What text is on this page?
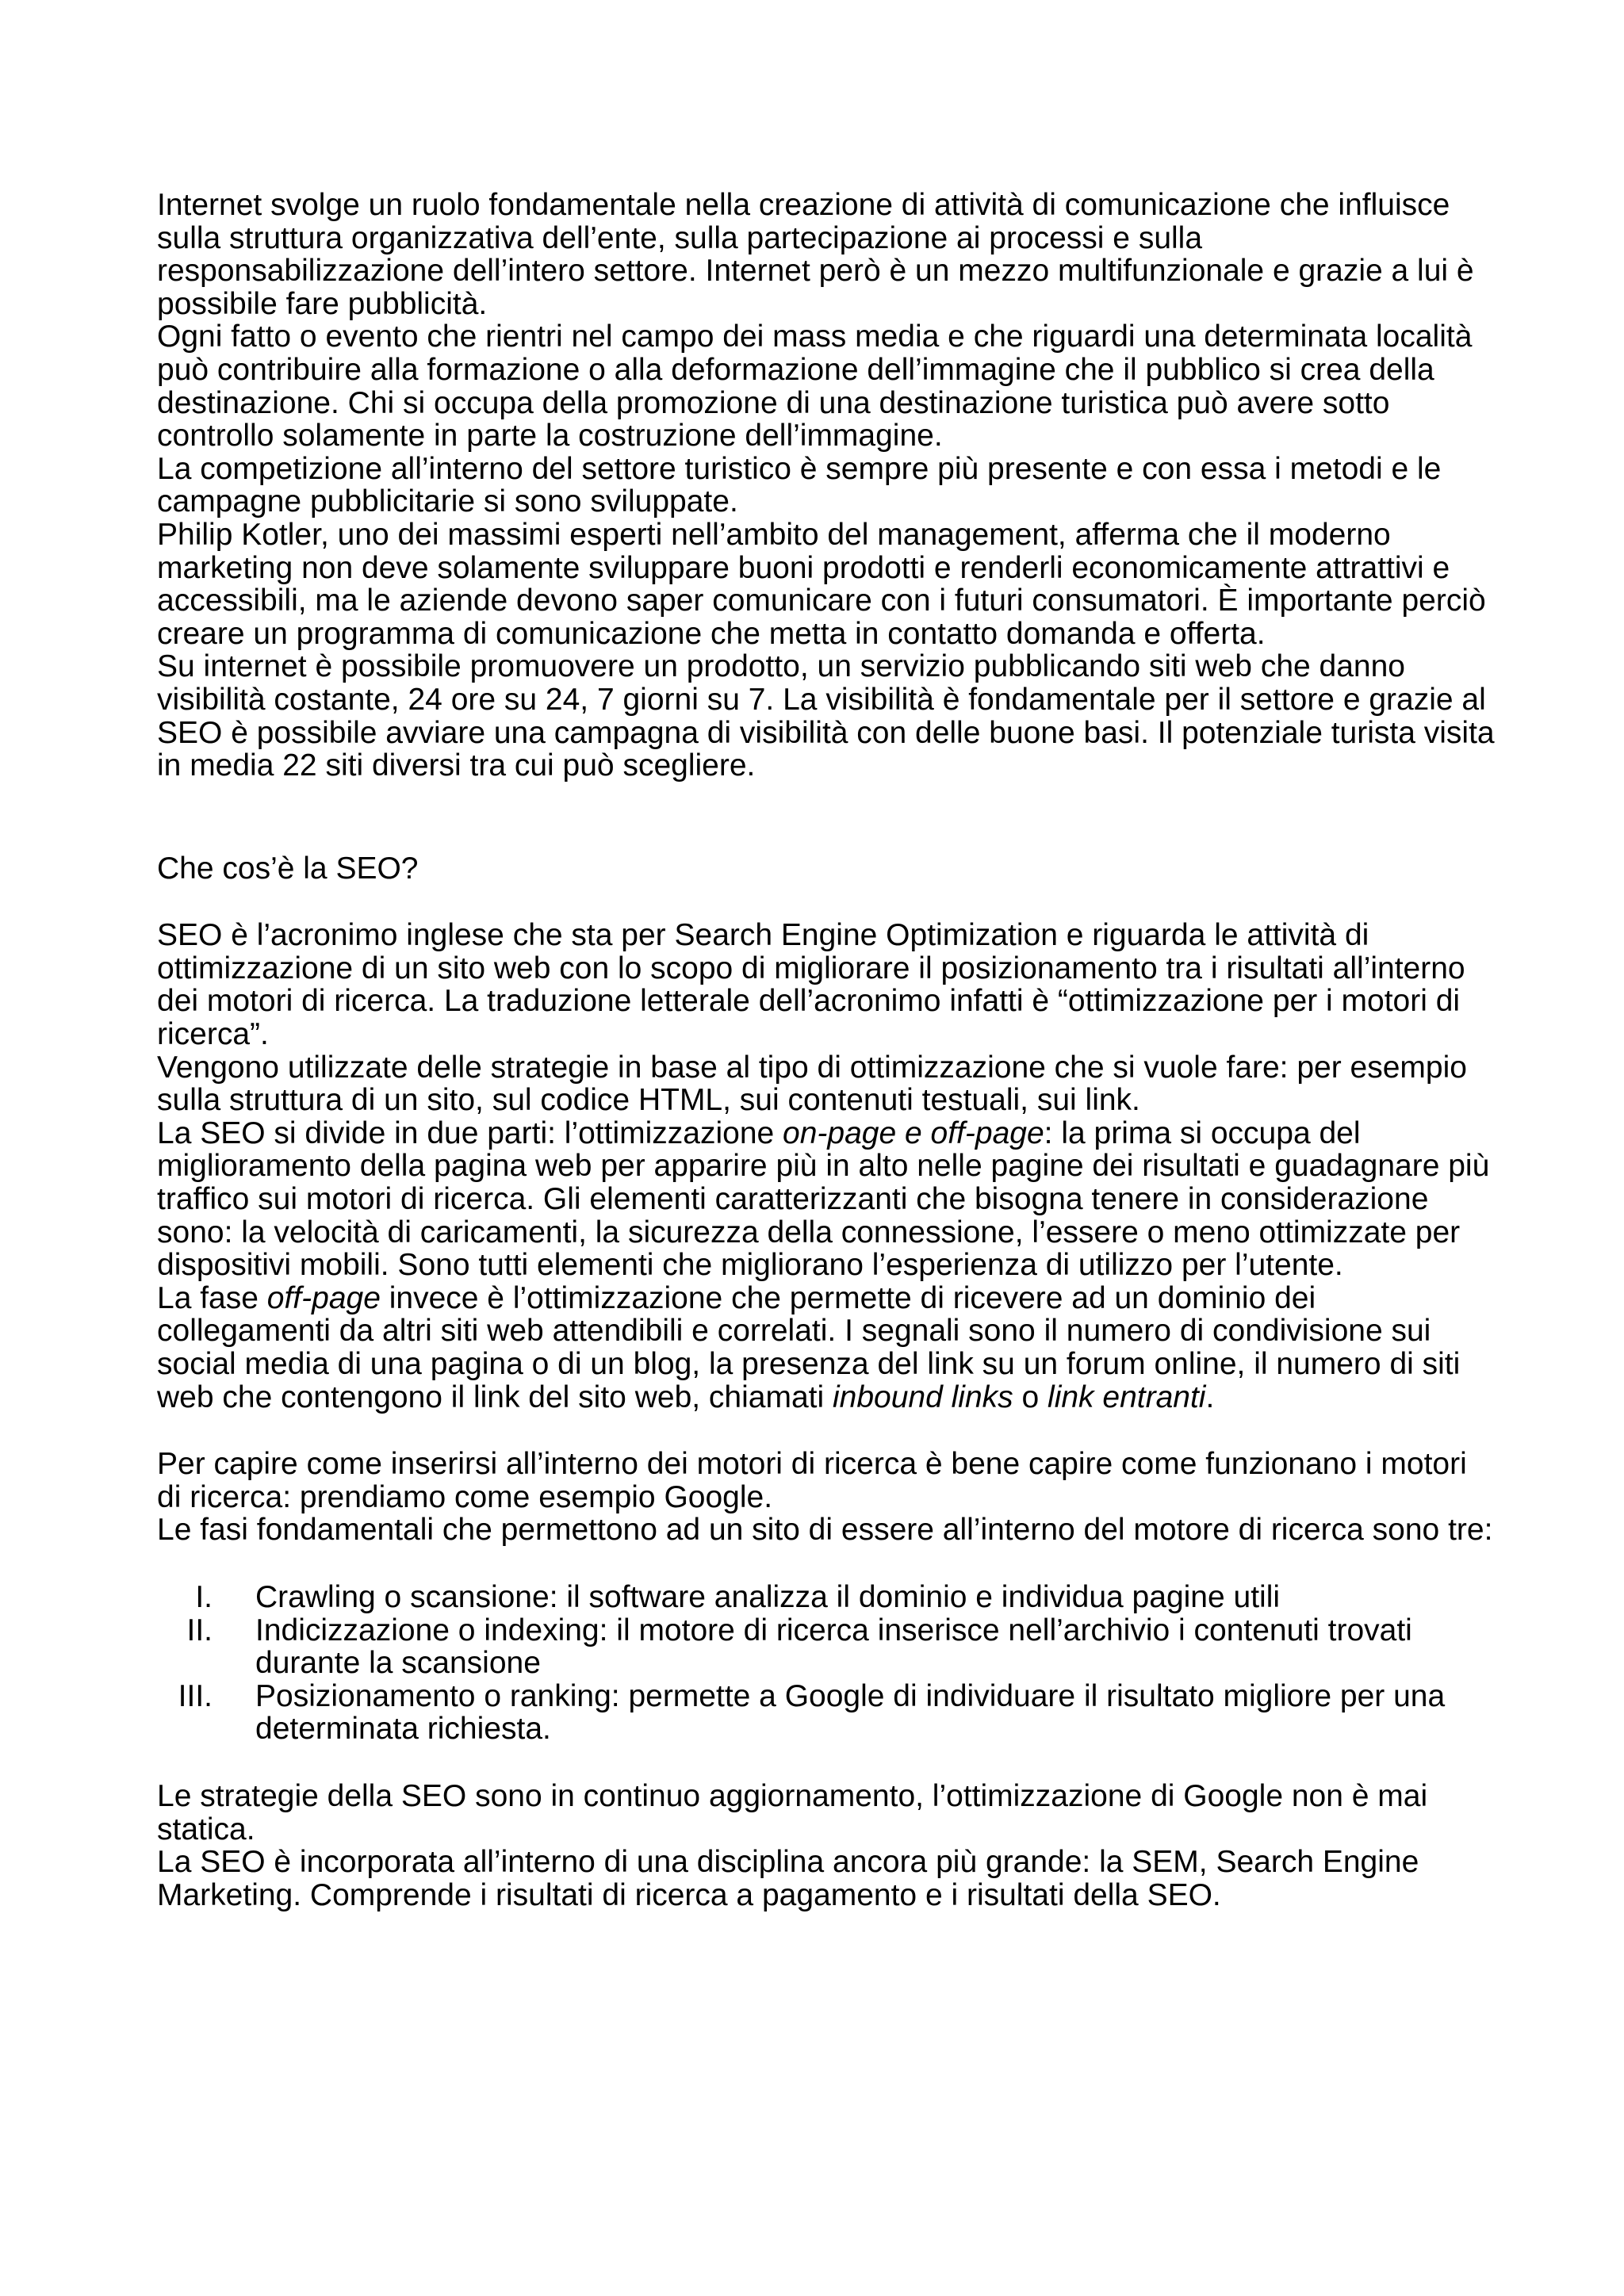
Internet svolge un ruolo fondamentale nella creazione di attività di comunicazione che influisce sulla struttura organizzativa dell’ente, sulla partecipazione ai processi e sulla responsabilizzazione dell’intero settore. Internet però è un mezzo multifunzionale e grazie a lui è possibile fare pubblicità.

Ogni fatto o evento che rientri nel campo dei mass media e che riguardi una determinata località può contribuire alla formazione o alla deformazione dell’immagine che il pubblico si crea della destinazione. Chi si occupa della promozione di una destinazione turistica può avere sotto controllo solamente in parte la costruzione dell’immagine.

La competizione all’interno del settore turistico è sempre più presente e con essa i metodi e le campagne pubblicitarie si sono sviluppate.

Philip Kotler, uno dei massimi esperti nell’ambito del management, afferma che il moderno marketing non deve solamente sviluppare buoni prodotti e renderli economicamente attrattivi e accessibili, ma le aziende devono saper comunicare con i futuri consumatori. È importante perciò creare un programma di comunicazione che metta in contatto domanda e offerta.

Su internet è possibile promuovere un prodotto, un servizio pubblicando siti web che danno visibilità costante, 24 ore su 24, 7 giorni su 7. La visibilità è fondamentale per il settore e grazie al SEO è possibile avviare una campagna di visibilità con delle buone basi. Il potenziale turista visita in media 22 siti diversi tra cui può scegliere.

Che cos’è la SEO?

SEO è l’acronimo inglese che sta per Search Engine Optimization e riguarda le attività di ottimizzazione di un sito web con lo scopo di migliorare il posizionamento tra i risultati all’interno dei motori di ricerca. La traduzione letterale dell’acronimo infatti è “ottimizzazione per i motori di ricerca”.

Vengono utilizzate delle strategie in base al tipo di ottimizzazione che si vuole fare: per esempio sulla struttura di un sito, sul codice HTML, sui contenuti testuali, sui link.

La SEO si divide in due parti: l’ottimizzazione on-page e off-page: la prima si occupa del miglioramento della pagina web per apparire più in alto nelle pagine dei risultati e guadagnare più traffico sui motori di ricerca. Gli elementi caratterizzanti che bisogna tenere in considerazione sono: la velocità di caricamenti, la sicurezza della connessione, l’essere o meno ottimizzate per dispositivi mobili. Sono tutti elementi che migliorano l’esperienza di utilizzo per l’utente.

La fase off-page invece è l’ottimizzazione che permette di ricevere ad un dominio dei collegamenti da altri siti web attendibili e correlati. I segnali sono il numero di condivisione sui social media di una pagina o di un blog, la presenza del link su un forum online, il numero di siti web che contengono il link del sito web, chiamati inbound links o link entranti.

Per capire come inserirsi all’interno dei motori di ricerca è bene capire come funzionano i motori di ricerca: prendiamo come esempio Google.

Le fasi fondamentali che permettono ad un sito di essere all’interno del motore di ricerca sono tre:

I.	Crawling o scansione: il software analizza il dominio e individua pagine utili
II.	Indicizzazione o indexing: il motore di ricerca inserisce nell’archivio i contenuti trovati durante la scansione
III.	Posizionamento o ranking: permette a Google di individuare il risultato migliore per una determinata richiesta.

Le strategie della SEO sono in continuo aggiornamento, l’ottimizzazione di Google non è mai statica.

La SEO è incorporata all’interno di una disciplina ancora più grande: la SEM, Search Engine Marketing. Comprende i risultati di ricerca a pagamento e i risultati della SEO.
